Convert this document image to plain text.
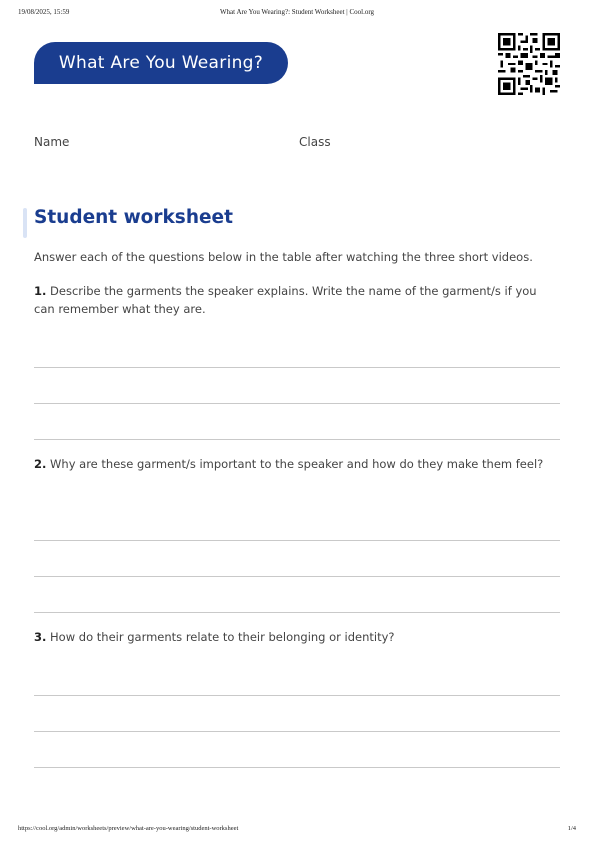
19/08/2025, 15:59	What Are You Wearing?: Student Worksheet | Cool.org
What Are You Wearing?
Name	Class
Student worksheet
Answer each of the questions below in the table after watching the three short videos.
1. Describe the garments the speaker explains. Write the name of the garment/s if you can remember what they are.
2. Why are these garment/s important to the speaker and how do they make them feel?
3. How do their garments relate to their belonging or identity?
https://cool.org/admin/worksheets/preview/what-are-you-wearing/student-worksheet	1/4
